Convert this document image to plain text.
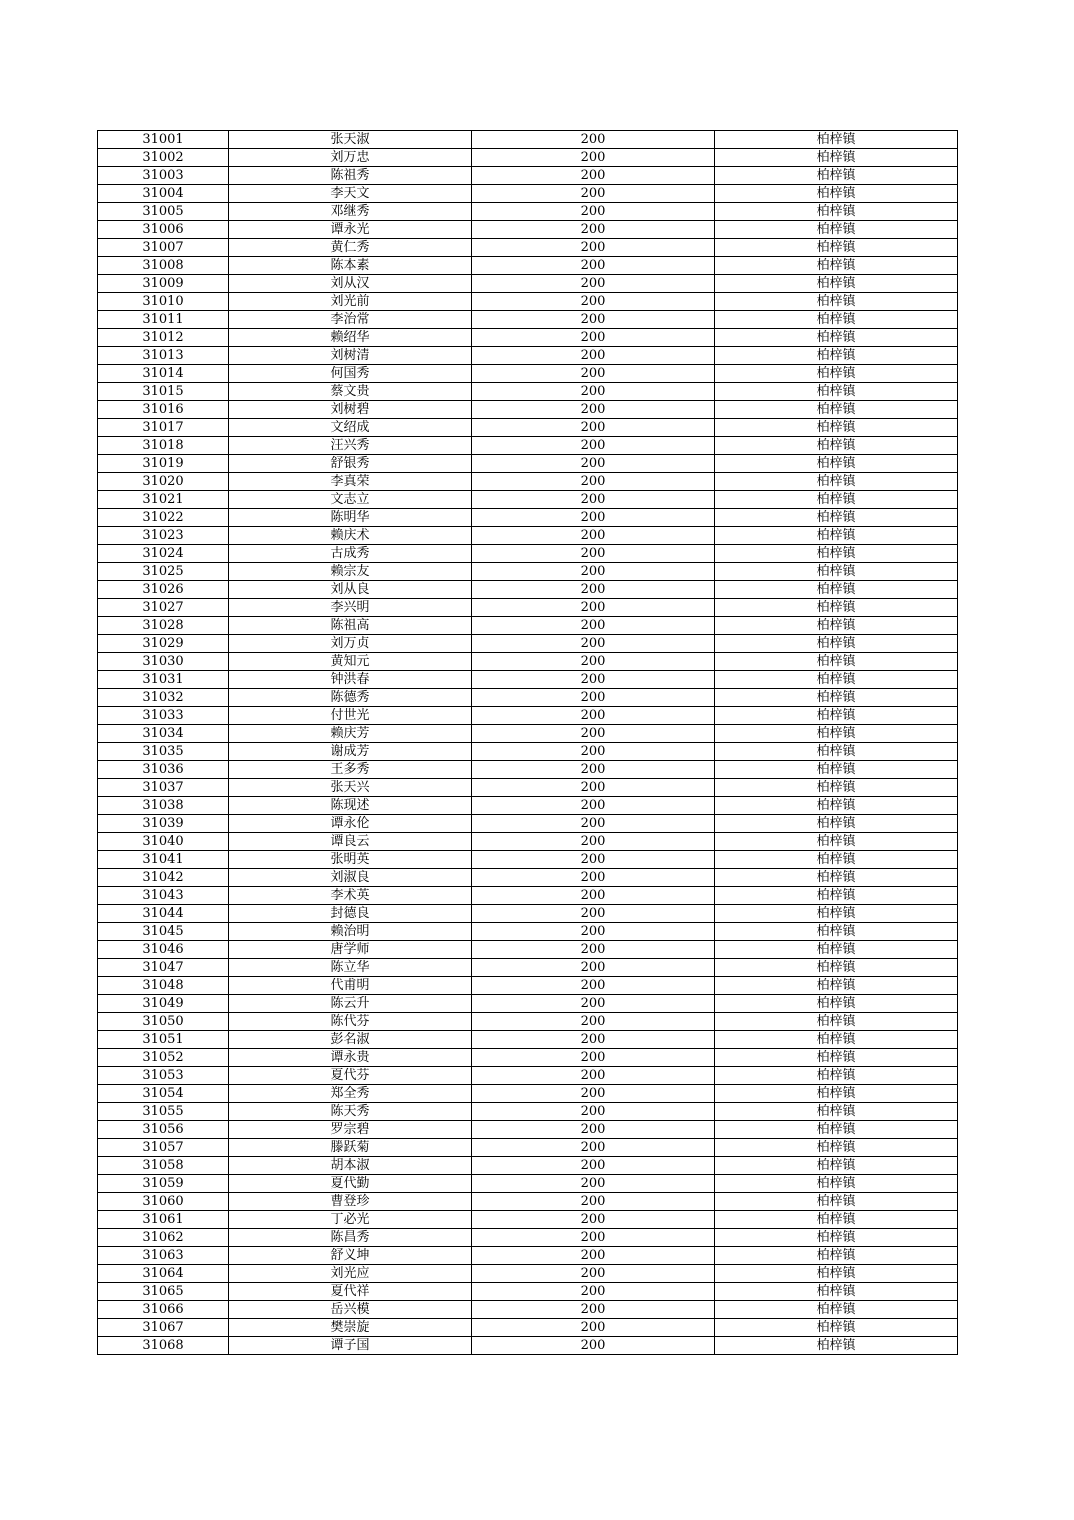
31001	张天淑	200	柏梓镇
31002	刘万忠	200	柏梓镇
31003	陈祖秀	200	柏梓镇
31004	李天文	200	柏梓镇
31005	邓继秀	200	柏梓镇
31006	谭永光	200	柏梓镇
31007	黄仁秀	200	柏梓镇
31008	陈本素	200	柏梓镇
31009	刘从汉	200	柏梓镇
31010	刘光前	200	柏梓镇
31011	李治常	200	柏梓镇
31012	赖绍华	200	柏梓镇
31013	刘树清	200	柏梓镇
31014	何国秀	200	柏梓镇
31015	蔡文贵	200	柏梓镇
31016	刘树碧	200	柏梓镇
31017	文绍成	200	柏梓镇
31018	汪兴秀	200	柏梓镇
31019	舒银秀	200	柏梓镇
31020	李真荣	200	柏梓镇
31021	文志立	200	柏梓镇
31022	陈明华	200	柏梓镇
31023	赖庆术	200	柏梓镇
31024	古成秀	200	柏梓镇
31025	赖宗友	200	柏梓镇
31026	刘从良	200	柏梓镇
31027	李兴明	200	柏梓镇
31028	陈祖高	200	柏梓镇
31029	刘万贞	200	柏梓镇
31030	黄知元	200	柏梓镇
31031	钟洪春	200	柏梓镇
31032	陈德秀	200	柏梓镇
31033	付世光	200	柏梓镇
31034	赖庆芳	200	柏梓镇
31035	谢成芳	200	柏梓镇
31036	王多秀	200	柏梓镇
31037	张天兴	200	柏梓镇
31038	陈现述	200	柏梓镇
31039	谭永伦	200	柏梓镇
31040	谭良云	200	柏梓镇
31041	张明英	200	柏梓镇
31042	刘淑良	200	柏梓镇
31043	李术英	200	柏梓镇
31044	封德良	200	柏梓镇
31045	赖治明	200	柏梓镇
31046	唐学师	200	柏梓镇
31047	陈立华	200	柏梓镇
31048	代甫明	200	柏梓镇
31049	陈云升	200	柏梓镇
31050	陈代芬	200	柏梓镇
31051	彭名淑	200	柏梓镇
31052	谭永贵	200	柏梓镇
31053	夏代芬	200	柏梓镇
31054	郑全秀	200	柏梓镇
31055	陈天秀	200	柏梓镇
31056	罗宗碧	200	柏梓镇
31057	滕跃菊	200	柏梓镇
31058	胡本淑	200	柏梓镇
31059	夏代勤	200	柏梓镇
31060	曹登珍	200	柏梓镇
31061	丁必光	200	柏梓镇
31062	陈昌秀	200	柏梓镇
31063	舒义坤	200	柏梓镇
31064	刘光应	200	柏梓镇
31065	夏代祥	200	柏梓镇
31066	岳兴模	200	柏梓镇
31067	樊崇旋	200	柏梓镇
31068	谭子国	200	柏梓镇
